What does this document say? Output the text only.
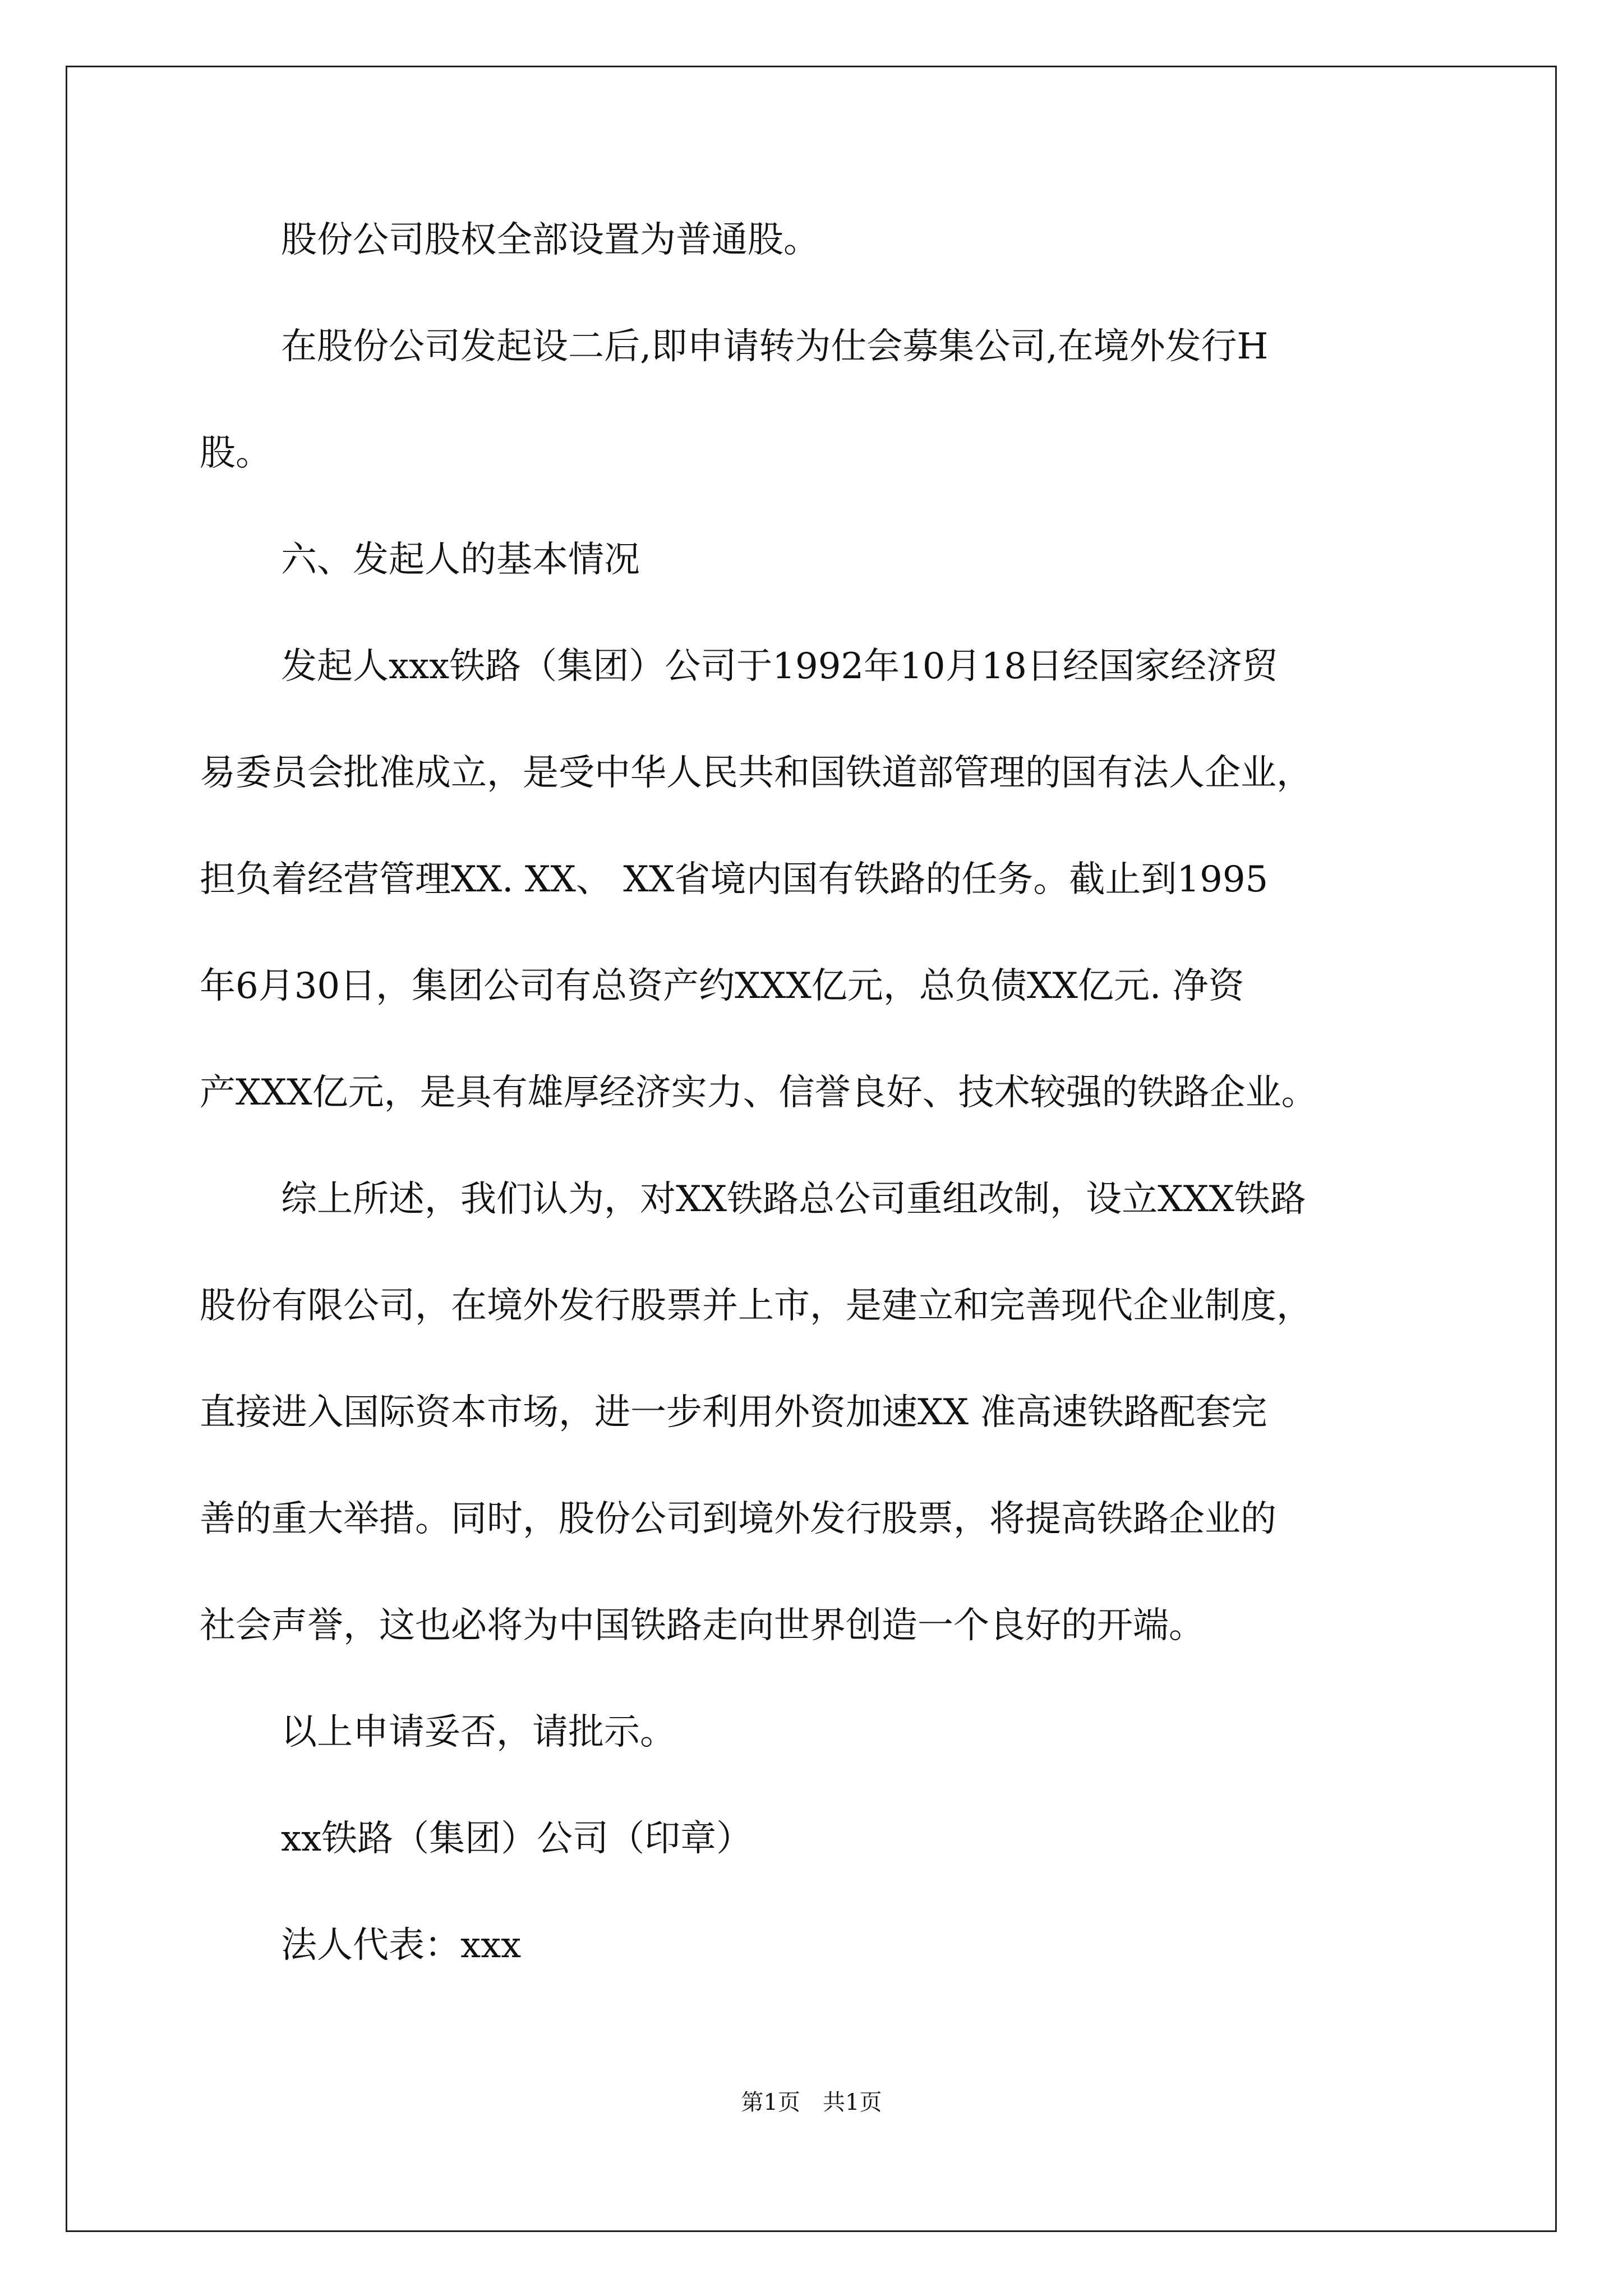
股份公司股权全部设置为普通股。
在股份公司发起设二后,即申请转为仕会募集公司,在境外发行H
股。
六、发起人的基本情况
发起人xxx铁路（集团）公司于1992年10月18日经国家经济贸
易委员会批准成立，是受中华人民共和国铁道部管理的国有法人企业，
担负着经营管理XX. XX、 XX省境内国有铁路的任务。截止到1995
年6月30日，集团公司有总资产约XXX亿元，总负债XX亿元. 净资
产XXX亿元，是具有雄厚经济实力、信誉良好、技术较强的铁路企业。
综上所述，我们认为，对XX铁路总公司重组改制，设立XXX铁路
股份有限公司，在境外发行股票并上市，是建立和完善现代企业制度，
直接进入国际资本市场，进一步利用外资加速XX 准高速铁路配套完
善的重大举措。同时，股份公司到境外发行股票，将提高铁路企业的
社会声誉，这也必将为中国铁路走向世界创造一个良好的开端。
以上申请妥否，请批示。
xx铁路（集团）公司（印章）
法人代表：xxx
第1页　共1页
